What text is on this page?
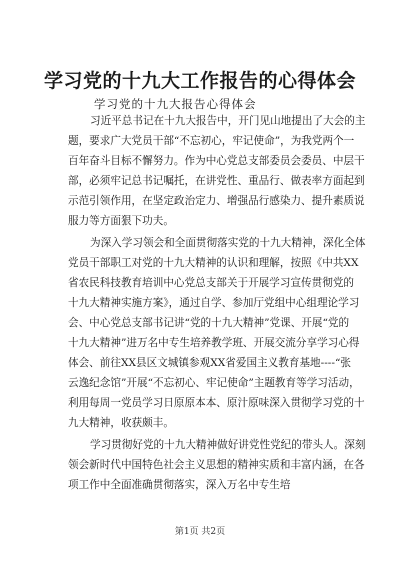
学习党的十九大工作报告的心得体会
学习党的十九大报告心得体会
习近平总书记在十九大报告中，开门见山地提出了大会的主
题，要求广大党员干部“不忘初心，牢记使命”，为我党两个一
百年奋斗目标不懈努力。作为中心党总支部委员会委员、中层干
部，必须牢记总书记嘱托，在讲党性、重品行、做表率方面起到
示范引领作用，在坚定政治定力、增强品行感染力、提升素质说
服力等方面狠下功夫。
为深入学习领会和全面贯彻落实党的十九大精神，深化全体
党员干部职工对党的十九大精神的认识和理解，按照《中共XX
省农民科技教育培训中心党总支部关于开展学习宣传贯彻党的
十九大精神实施方案》，通过自学、参加厅党组中心组理论学习
会、中心党总支部书记讲“党的十九大精神”党课、开展“党的
十九大精神”进万名中专生培养教学班、开展交流分享学习心得
体会、前往XX县区文城镇参观XX省爱国主义教育基地----“张
云逸纪念馆”开展“不忘初心、牢记使命”主题教育等学习活动，
利用每周一党员学习日原原本本、原汁原味深入贯彻学习党的十
九大精神，收获颇丰。
学习贯彻好党的十九大精神做好讲党性党纪的带头人。深刻
领会新时代中国特色社会主义思想的精神实质和丰富内涵，在各
项工作中全面准确贯彻落实，深入万名中专生培
第1页 共2页
